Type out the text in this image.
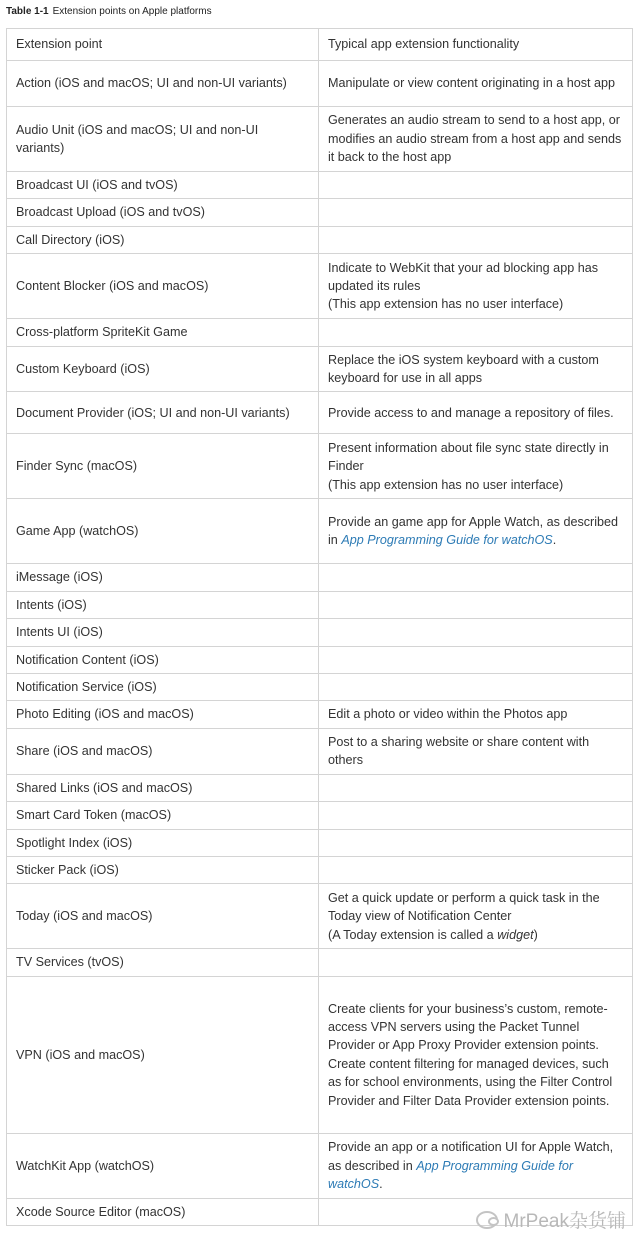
Table 1-1 Extension points on Apple platforms
Extension point	Typical app extension functionality
Action (iOS and macOS; UI and non-UI variants)	Manipulate or view content originating in a host app
Audio Unit (iOS and macOS; UI and non-UI variants)	Generates an audio stream to send to a host app, or modifies an audio stream from a host app and sends it back to the host app
Broadcast UI (iOS and tvOS)	
Broadcast Upload (iOS and tvOS)	
Call Directory (iOS)	
Content Blocker (iOS and macOS)	Indicate to WebKit that your ad blocking app has updated its rules
(This app extension has no user interface)
Cross-platform SpriteKit Game	
Custom Keyboard (iOS)	Replace the iOS system keyboard with a custom keyboard for use in all apps
Document Provider (iOS; UI and non-UI variants)	Provide access to and manage a repository of files.
Finder Sync (macOS)	Present information about file sync state directly in Finder
(This app extension has no user interface)
Game App (watchOS)	Provide an game app for Apple Watch, as described in App Programming Guide for watchOS.
iMessage (iOS)	
Intents (iOS)	
Intents UI (iOS)	
Notification Content (iOS)	
Notification Service (iOS)	
Photo Editing (iOS and macOS)	Edit a photo or video within the Photos app
Share (iOS and macOS)	Post to a sharing website or share content with others
Shared Links (iOS and macOS)	
Smart Card Token (macOS)	
Spotlight Index (iOS)	
Sticker Pack (iOS)	
Today (iOS and macOS)	Get a quick update or perform a quick task in the Today view of Notification Center
(A Today extension is called a widget)
TV Services (tvOS)	
VPN (iOS and macOS)	Create clients for your business’s custom, remote-access VPN servers using the Packet Tunnel Provider or App Proxy Provider extension points.
Create content filtering for managed devices, such as for school environments, using the Filter Control Provider and Filter Data Provider extension points.
WatchKit App (watchOS)	Provide an app or a notification UI for Apple Watch, as described in App Programming Guide for watchOS.
Xcode Source Editor (macOS)		MrPeak杂货铺
